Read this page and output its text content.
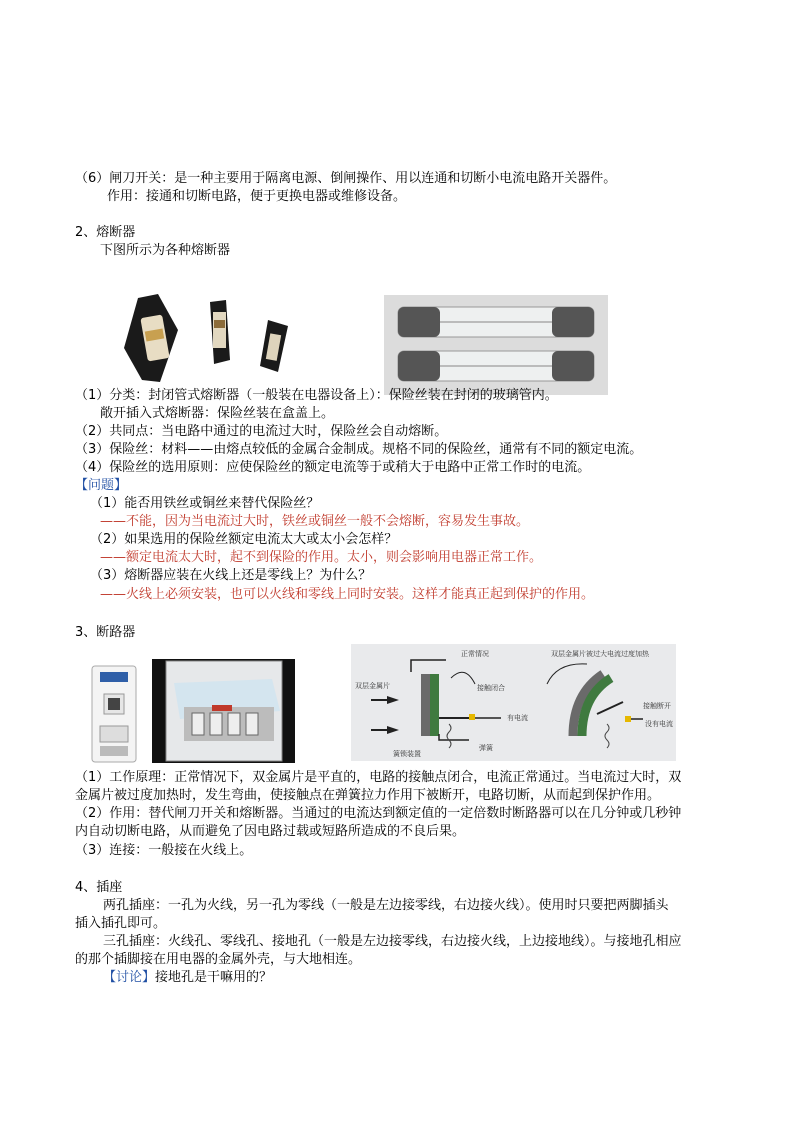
（6）闸刀开关：是一种主要用于隔离电源、倒闸操作、用以连通和切断小电流电路开关器件。
作用：接通和切断电路，便于更换电器或维修设备。
2、熔断器
下图所示为各种熔断器
（1）分类：封闭管式熔断器（一般装在电器设备上）：保险丝装在封闭的玻璃管内。
敞开插入式熔断器：保险丝装在盒盖上。
（2）共同点：当电路中通过的电流过大时，保险丝会自动熔断。
（3）保险丝：材料——由熔点较低的金属合金制成。规格不同的保险丝，通常有不同的额定电流。
（4）保险丝的选用原则：应使保险丝的额定电流等于或稍大于电路中正常工作时的电流。
【问题】
（1）能否用铁丝或铜丝来替代保险丝？
——不能，因为当电流过大时，铁丝或铜丝一般不会熔断，容易发生事故。
（2）如果选用的保险丝额定电流太大或太小会怎样？
——额定电流太大时，起不到保险的作用。太小，则会影响用电器正常工作。
（3）熔断器应装在火线上还是零线上？为什么？
——火线上必须安装，也可以火线和零线上同时安装。这样才能真正起到保护的作用。
3、断路器
正常情况
双层金属片	接触闭合
有电流
簧锁装置
弹簧
双层金属片被过大电流过度加热
接触断开
没有电流
（1）工作原理：正常情况下，双金属片是平直的，电路的接触点闭合，电流正常通过。当电流过大时，双
金属片被过度加热时，发生弯曲，使接触点在弹簧拉力作用下被断开，电路切断，从而起到保护作用。
（2）作用：替代闸刀开关和熔断器。当通过的电流达到额定值的一定倍数时断路器可以在几分钟或几秒钟
内自动切断电路，从而避免了因电路过载或短路所造成的不良后果。
（3）连接：一般接在火线上。
4、插座
两孔插座：一孔为火线，另一孔为零线（一般是左边接零线，右边接火线）。使用时只要把两脚插头
插入插孔即可。
三孔插座：火线孔、零线孔、接地孔（一般是左边接零线，右边接火线，上边接地线）。与接地孔相应
的那个插脚接在用电器的金属外壳，与大地相连。
【讨论】接地孔是干嘛用的？
